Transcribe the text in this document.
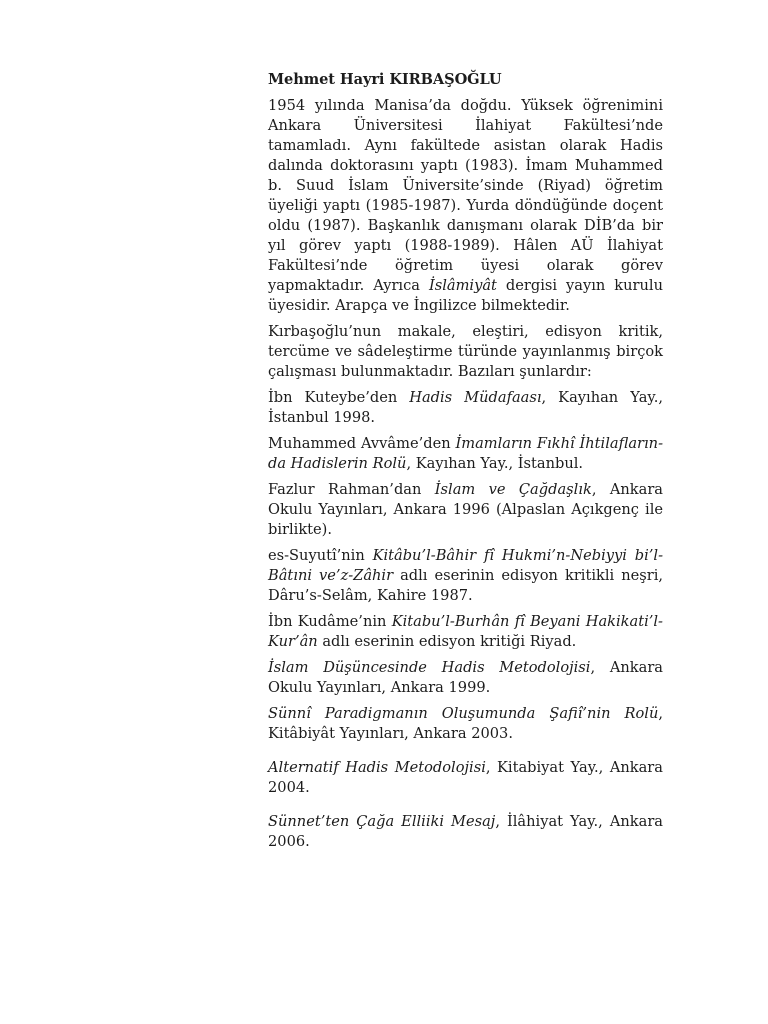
Mehmet Hayri KIRBAŞOĞLU

1954 yılında Manisa’da doğdu. Yüksek öğrenimini Ankara Üniversitesi İlahiyat Fakültesi’nde tamamladı. Aynı fakültede asistan olarak Hadis dalında doktorasını yaptı (1983). İmam Muhammed b. Suud İslam Üniversite’sinde (Riyad) öğretim üyeliği yaptı (1985-1987). Yurda döndüğünde doçent oldu (1987). Başkanlık danışmanı olarak DİB’da bir yıl görev yaptı (1988-1989). Hâlen AÜ İlahiyat Fakültesi’nde öğretim üyesi olarak görev yapmaktadır. Ayrıca İslâmiyât dergisi yayın kurulu üyesidir. Arapça ve İngilizce bilmektedir.

Kırbaşoğlu’nun makale, eleştiri, edisyon kritik, tercüme ve sâdeleştirme türünde yayınlanmış birçok çalışması bulunmaktadır. Bazıları şunlardır:

İbn Kuteybe’den Hadis Müdafaası, Kayıhan Yay., İstanbul 1998.

Muhammed Avvâme’den İmamların Fıkhî İhtilaflarında Hadislerin Rolü, Kayıhan Yay., İstanbul.

Fazlur Rahman’dan İslam ve Çağdaşlık, Ankara Okulu Yayınları, Ankara 1996 (Alpaslan Açıkgenç ile birlikte).

es-Suyutî’nin Kitâbu’l-Bâhir fî Hukmi’n-Nebiyyi bi’l-Bâtıni ve’z-Zâhir adlı eserinin edisyon kritikli neşri, Dâru’s-Selâm, Kahire 1987.

İbn Kudâme’nin Kitabu’l-Burhân fî Beyani Hakikati’l-Kur’ân adlı eserinin edisyon kritiği Riyad.

İslam Düşüncesinde Hadis Metodolojisi, Ankara Okulu Yayınları, Ankara 1999.

Sünnî Paradigmanın Oluşumunda Şafiî’nin Rolü, Kitâbiyât Yayınları, Ankara 2003.

Alternatif Hadis Metodolojisi, Kitabiyat Yay., Ankara 2004.

Sünnet’ten Çağa Elliiki Mesaj, İlâhiyat Yay., Ankara 2006.
